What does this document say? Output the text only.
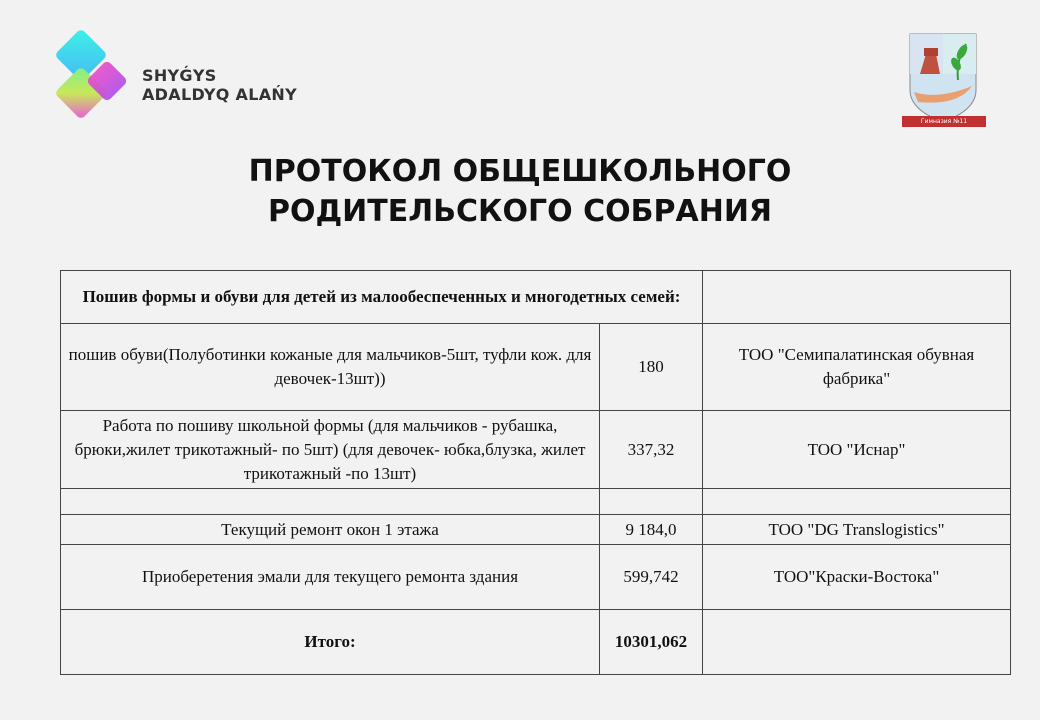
SHYǴYS
ADALDYQ ALAŃY
Гимназия №11
ПРОТОКОЛ ОБЩЕШКОЛЬНОГО
РОДИТЕЛЬСКОГО СОБРАНИЯ
Пошив формы и обуви для детей из малообеспеченных и многодетных семей:		
пошив обуви(Полуботинки кожаные для мальчиков-5шт, туфли кож. для девочек-13шт))	180	ТОО "Семипалатинская обувная фабрика"
Работа по пошиву школьной формы (для мальчиков - рубашка, брюки,жилет трикотажный- по 5шт) (для девочек- юбка,блузка, жилет трикотажный -по 13шт)	337,32	ТОО "Иснар"

Текущий ремонт окон 1 этажа	9 184,0	ТОО "DG Translogistics"
Приоберетения эмали для текущего ремонта здания	599,742	ТОО"Краски-Востока"
Итого:	10301,062	
